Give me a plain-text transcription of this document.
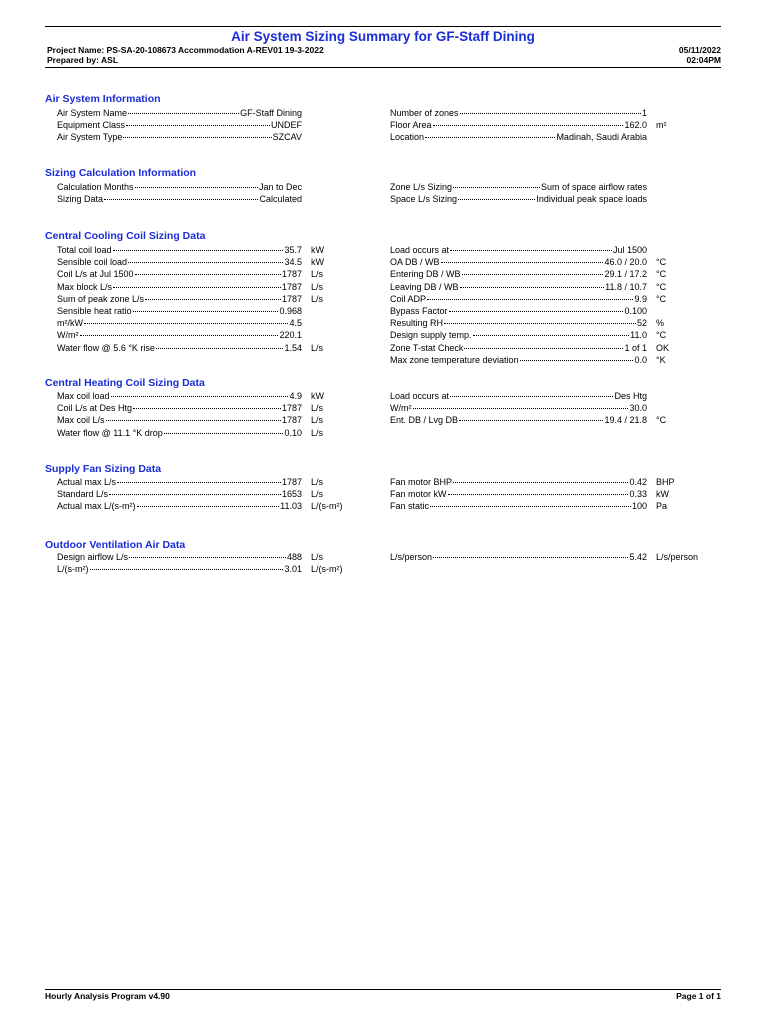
Air System Sizing Summary for GF-Staff Dining
Project Name: PS-SA-20-108673 Accommodation A-REV01 19-3-2022
Prepared by: ASL
05/11/2022
02:04PM
Air System Information
Air System Name	GF-Staff Dining
Equipment Class	UNDEF
Air System Type	SZCAV
Number of zones	1
Floor Area	162.0 m²
Location	Madinah, Saudi Arabia
Sizing Calculation Information
Calculation Months	Jan to Dec
Sizing Data	Calculated
Zone L/s Sizing	Sum of space airflow rates
Space L/s Sizing	Individual peak space loads
Central Cooling Coil Sizing Data
Total coil load	35.7 kW
Sensible coil load	34.5 kW
Coil L/s at Jul 1500	1787 L/s
Max block L/s	1787 L/s
Sum of peak zone L/s	1787 L/s
Sensible heat ratio	0.968
m²/kW	4.5
W/m²	220.1
Water flow @ 5.6 °K rise	1.54 L/s
Load occurs at	Jul 1500
OA DB / WB	46.0 / 20.0 °C
Entering DB / WB	29.1 / 17.2 °C
Leaving DB / WB	11.8 / 10.7 °C
Coil ADP	9.9 °C
Bypass Factor	0.100
Resulting RH	52 %
Design supply temp.	11.0 °C
Zone T-stat Check	1 of 1 OK
Max zone temperature deviation	0.0 °K
Central Heating Coil Sizing Data
Max coil load	4.9 kW
Coil L/s at Des Htg	1787 L/s
Max coil L/s	1787 L/s
Water flow @ 11.1 °K drop	0.10 L/s
Load occurs at	Des Htg
W/m²	30.0
Ent. DB / Lvg DB	19.4 / 21.8 °C
Supply Fan Sizing Data
Actual max L/s	1787 L/s
Standard L/s	1653 L/s
Actual max L/(s-m²)	11.03 L/(s-m²)
Fan motor BHP	0.42 BHP
Fan motor kW	0.33 kW
Fan static	100 Pa
Outdoor Ventilation Air Data
Design airflow L/s	488 L/s
L/(s-m²)	3.01 L/(s-m²)
L/s/person	5.42 L/s/person
Hourly Analysis Program v4.90	Page 1 of 1
